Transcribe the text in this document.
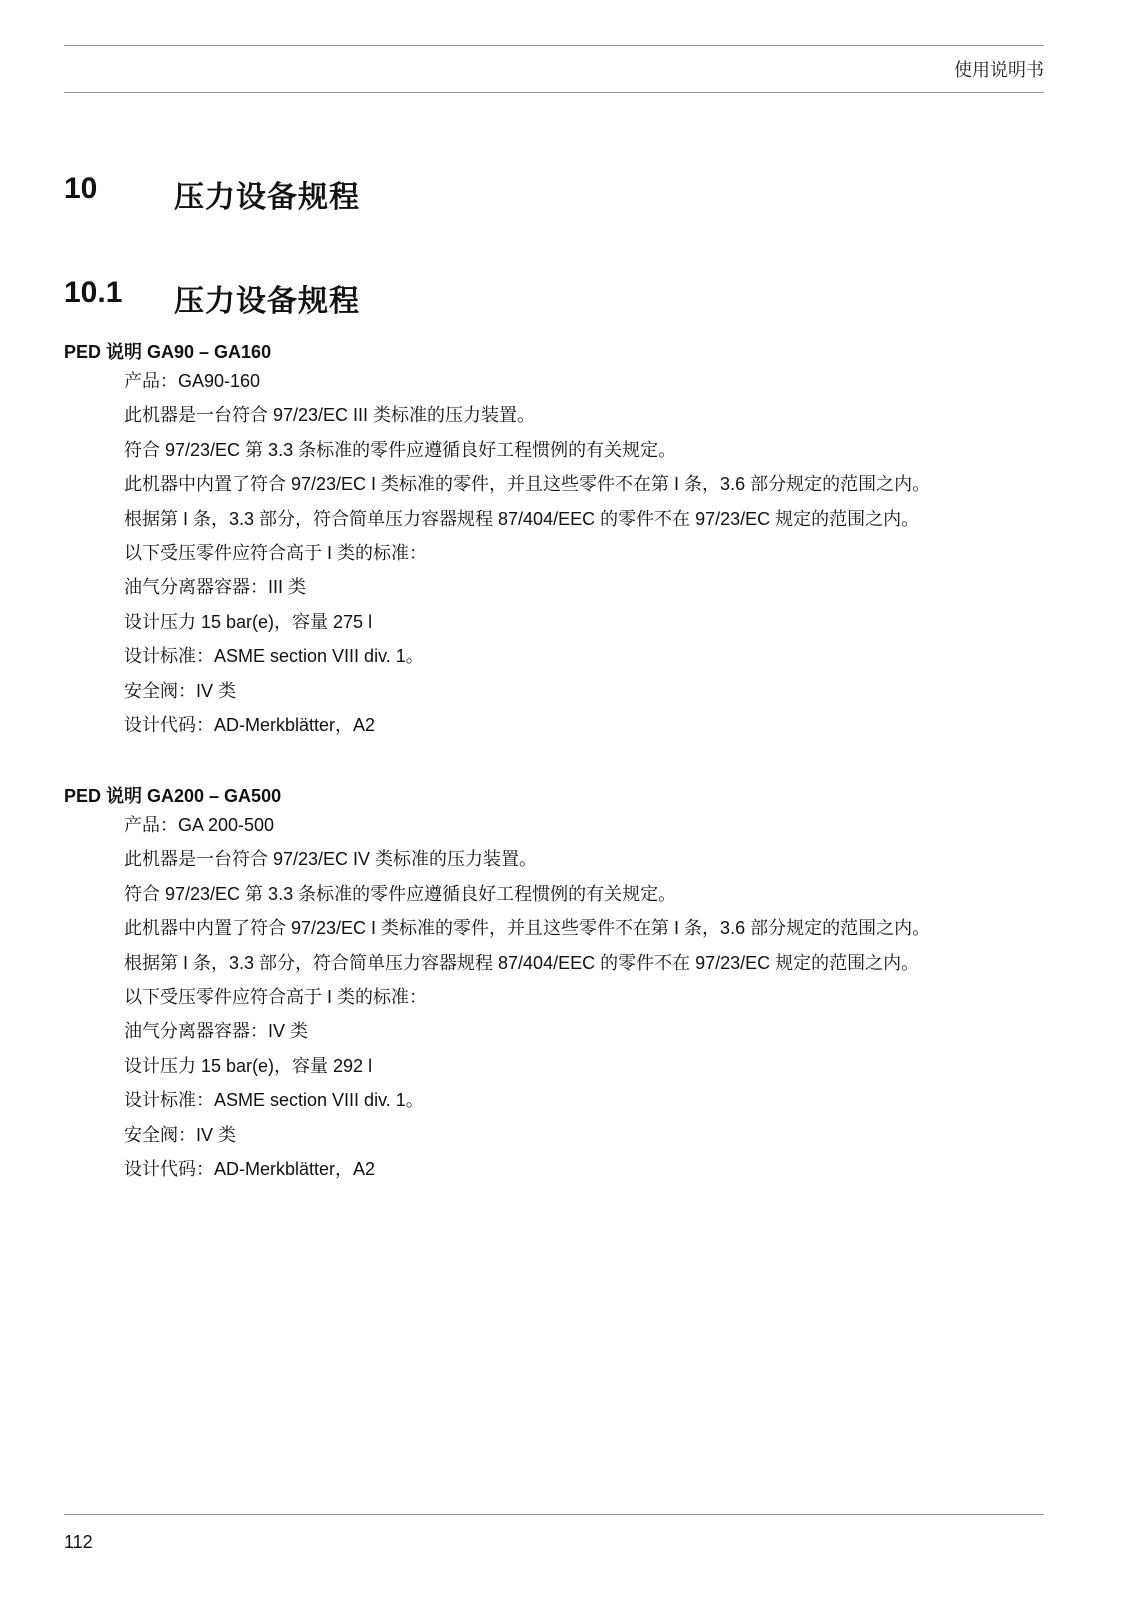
使用说明书
10	压力设备规程
10.1 压力设备规程
PED 说明 GA90 – GA160
产品：GA90-160
此机器是一台符合 97/23/EC III 类标准的压力装置。
符合 97/23/EC 第 3.3 条标准的零件应遵循良好工程惯例的有关规定。
此机器中内置了符合 97/23/EC I 类标准的零件，并且这些零件不在第 I 条，3.6 部分规定的范围之内。
根据第 I 条，3.3 部分，符合简单压力容器规程 87/404/EEC 的零件不在 97/23/EC 规定的范围之内。
以下受压零件应符合高于 I 类的标准：
油气分离器容器：III 类
设计压力 15 bar(e)，容量 275 l
设计标准：ASME section VIII div. 1。
安全阀：IV 类
设计代码：AD-Merkblätter，A2
PED 说明 GA200 – GA500
产品：GA 200-500
此机器是一台符合 97/23/EC IV 类标准的压力装置。
符合 97/23/EC 第 3.3 条标准的零件应遵循良好工程惯例的有关规定。
此机器中内置了符合 97/23/EC I 类标准的零件，并且这些零件不在第 I 条，3.6 部分规定的范围之内。
根据第 I 条，3.3 部分，符合简单压力容器规程 87/404/EEC 的零件不在 97/23/EC 规定的范围之内。
以下受压零件应符合高于 I 类的标准：
油气分离器容器：IV 类
设计压力 15 bar(e)，容量 292 l
设计标准：ASME section VIII div. 1。
安全阀：IV 类
设计代码：AD-Merkblätter，A2
112
